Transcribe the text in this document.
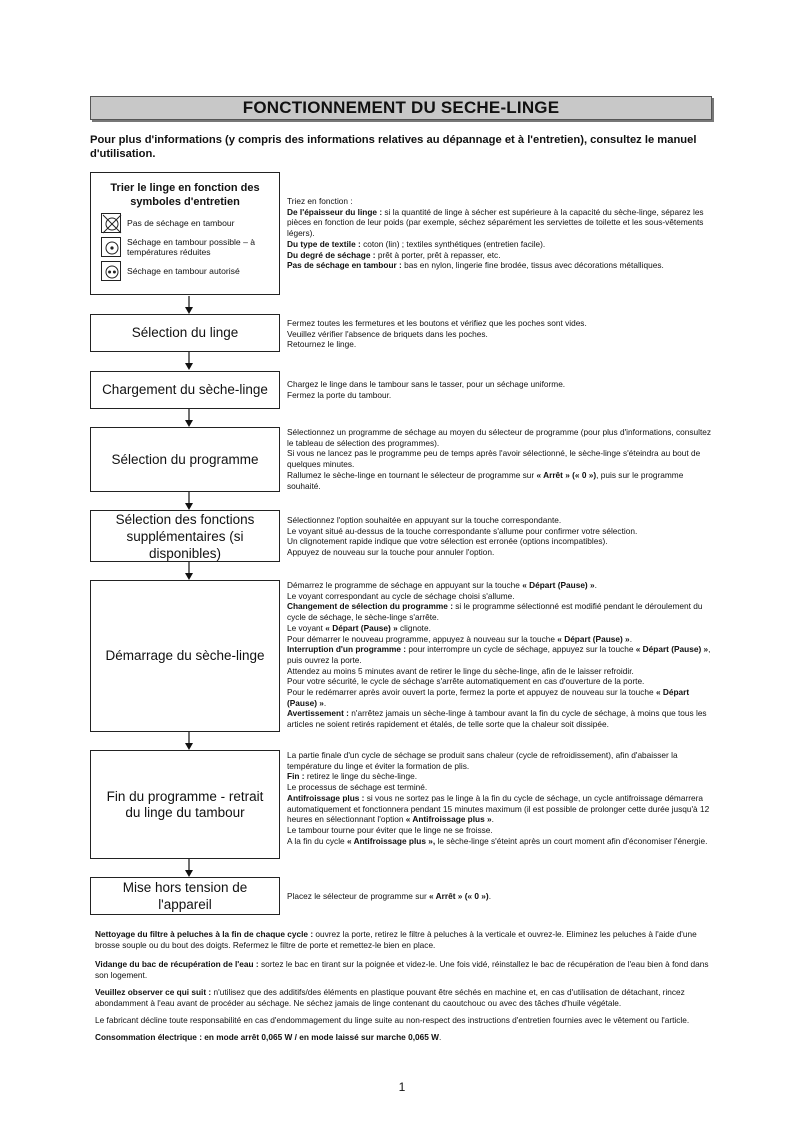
FONCTIONNEMENT DU SECHE-LINGE
Pour plus d'informations (y compris des informations relatives au dépannage et à l'entretien), consultez le manuel d'utilisation.
Trier le linge en fonction des symboles d'entretien
Pas de séchage en tambour
Séchage en tambour possible – à températures réduites
Séchage en tambour autorisé
Triez en fonction :
De l'épaisseur du linge : si la quantité de linge à sécher est supérieure à la capacité du sèche-linge, séparez les pièces en fonction de leur poids (par exemple, séchez séparément les serviettes de toilette et les sous-vêtements légers).
Du type de textile : coton (lin) ; textiles synthétiques (entretien facile).
Du degré de séchage : prêt à porter, prêt à repasser, etc.
Pas de séchage en tambour : bas en nylon, lingerie fine brodée, tissus avec décorations métalliques.
Sélection du linge
Fermez toutes les fermetures et les boutons et vérifiez que les poches sont vides.
Veuillez vérifier l'absence de briquets dans les poches.
Retournez le linge.
Chargement du sèche-linge Chargez le linge dans le tambour sans le tasser, pour un séchage uniforme.
Fermez la porte du tambour.
Sélection du programme
Sélectionnez un programme de séchage au moyen du sélecteur de programme (pour plus d'informations, consultez le tableau de sélection des programmes).
Si vous ne lancez pas le programme peu de temps après l'avoir sélectionné, le sèche-linge s'éteindra au bout de quelques minutes.
Rallumez le sèche-linge en tournant le sélecteur de programme sur « Arrêt » (« 0 »), puis sur le programme souhaité.
Sélection des fonctions supplémentaires (si disponibles)
Sélectionnez l'option souhaitée en appuyant sur la touche correspondante.
Le voyant situé au-dessus de la touche correspondante s'allume pour confirmer votre sélection.
Un clignotement rapide indique que votre sélection est erronée (options incompatibles).
Appuyez de nouveau sur la touche pour annuler l'option.
Démarrage du sèche-linge
Démarrez le programme de séchage en appuyant sur la touche « Départ (Pause) ».
Le voyant correspondant au cycle de séchage choisi s'allume.
Changement de sélection du programme : si le programme sélectionné est modifié pendant le déroulement du cycle de séchage, le sèche-linge s'arrête.
Le voyant « Départ (Pause) » clignote.
Pour démarrer le nouveau programme, appuyez à nouveau sur la touche « Départ (Pause) ».
Interruption d'un programme : pour interrompre un cycle de séchage, appuyez sur la touche « Départ (Pause) », puis ouvrez la porte.
Attendez au moins 5 minutes avant de retirer le linge du sèche-linge, afin de le laisser refroidir.
Pour votre sécurité, le cycle de séchage s'arrête automatiquement en cas d'ouverture de la porte.
Pour le redémarrer après avoir ouvert la porte, fermez la porte et appuyez de nouveau sur la touche « Départ (Pause) ».
Avertissement : n'arrêtez jamais un sèche-linge à tambour avant la fin du cycle de séchage, à moins que tous les articles ne soient retirés rapidement et étalés, de telle sorte que la chaleur soit dissipée.
Fin du programme - retrait du linge du tambour
La partie finale d'un cycle de séchage se produit sans chaleur (cycle de refroidissement), afin d'abaisser la température du linge et éviter la formation de plis.
Fin : retirez le linge du sèche-linge.
Le processus de séchage est terminé.
Antifroissage plus : si vous ne sortez pas le linge à la fin du cycle de séchage, un cycle antifroissage démarrera automatiquement et fonctionnera pendant 15 minutes maximum (il est possible de prolonger cette durée jusqu'à 12 heures en sélectionnant l'option « Antifroissage plus ».
Le tambour tourne pour éviter que le linge ne se froisse.
A la fin du cycle « Antifroissage plus », le sèche-linge s'éteint après un court moment afin d'économiser l'énergie.
Mise hors tension de l'appareil
Placez le sélecteur de programme sur « Arrêt » (« 0 »).
Nettoyage du filtre à peluches à la fin de chaque cycle : ouvrez la porte, retirez le filtre à peluches à la verticale et ouvrez-le. Eliminez les peluches à l'aide d'une brosse souple ou du bout des doigts. Refermez le filtre de porte et remettez-le bien en place.
Vidange du bac de récupération de l'eau : sortez le bac en tirant sur la poignée et videz-le. Une fois vidé, réinstallez le bac de récupération de l'eau bien à fond dans son logement.
Veuillez observer ce qui suit : n'utilisez que des additifs/des éléments en plastique pouvant être séchés en machine et, en cas d'utilisation de détachant, rincez abondamment à l'eau avant de procéder au séchage. Ne séchez jamais de linge contenant du caoutchouc ou avec des tâches d'huile végétale.
Le fabricant décline toute responsabilité en cas d'endommagement du linge suite au non-respect des instructions d'entretien fournies avec le vêtement ou l'article.
Consommation électrique : en mode arrêt 0,065 W / en mode laissé sur marche 0,065 W.
1
